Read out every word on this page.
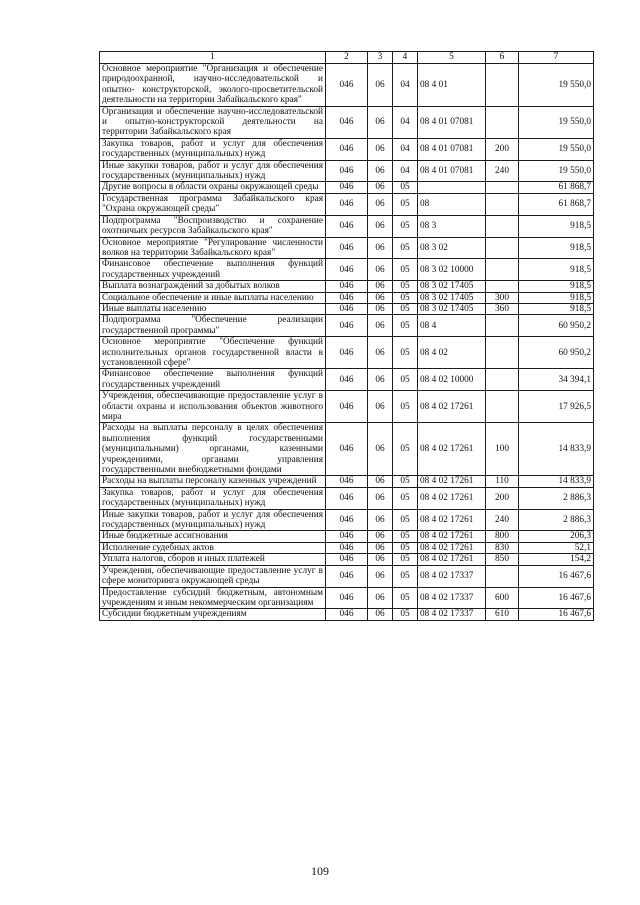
1	2	3	4	5	6	7
Основное мероприятие "Организация и обеспечение природоохранной, научно-исследовательской и опытно- конструкторской, эколого-просветительской деятельности на территории Забайкальского края"	046	06	04	08 4 01		19 550,0
Организация и обеспечение научно-исследовательской и опытно-конструкторской деятельности на территории Забайкальского края	046	06	04	08 4 01 07081		19 550,0
Закупка товаров, работ и услуг для обеспечения государственных (муниципальных) нужд	046	06	04	08 4 01 07081	200	19 550,0
Иные закупки товаров, работ и услуг для обеспечения государственных (муниципальных) нужд	046	06	04	08 4 01 07081	240	19 550,0
Другие вопросы в области охраны окружающей среды	046	06	05			61 868,7
Государственная программа Забайкальского края "Охрана окружающей среды"	046	06	05	08		61 868,7
Подпрограмма "Воспроизводство и сохранение охотничьих ресурсов Забайкальского края"	046	06	05	08 3		918,5
Основное мероприятие "Регулирование численности волков на территории Забайкальского края"	046	06	05	08 3 02		918,5
Финансовое обеспечение выполнения функций государственных учреждений	046	06	05	08 3 02 10000		918,5
Выплата вознаграждений за добытых волков	046	06	05	08 3 02 17405		918,5
Социальное обеспечение и иные выплаты населению	046	06	05	08 3 02 17405	300	918,5
Иные выплаты населению	046	06	05	08 3 02 17405	360	918,5
Подпрограмма "Обеспечение реализации государственной программы"	046	06	05	08 4		60 950,2
Основное мероприятие "Обеспечение функций исполнительных органов государственной власти в установленной сфере"	046	06	05	08 4 02		60 950,2
Финансовое обеспечение выполнения функций государственных учреждений	046	06	05	08 4 02 10000		34 394,1
Учреждения, обеспечивающие предоставление услуг в области охраны и использования объектов животного мира	046	06	05	08 4 02 17261		17 926,5
Расходы на выплаты персоналу в целях обеспечения выполнения функций государственными (муниципальными) органами, казенными учреждениями, органами управления государственными внебюджетными фондами	046	06	05	08 4 02 17261	100	14 833,9
Расходы на выплаты персоналу казенных учреждений	046	06	05	08 4 02 17261	110	14 833,9
Закупка товаров, работ и услуг для обеспечения государственных (муниципальных) нужд	046	06	05	08 4 02 17261	200	2 886,3
Иные закупки товаров, работ и услуг для обеспечения государственных (муниципальных) нужд	046	06	05	08 4 02 17261	240	2 886,3
Иные бюджетные ассигнования	046	06	05	08 4 02 17261	800	206,3
Исполнение судебных актов	046	06	05	08 4 02 17261	830	52,1
Уплата налогов, сборов и иных платежей	046	06	05	08 4 02 17261	850	154,2
Учреждения, обеспечивающие предоставление услуг в сфере мониторинга окружающей среды	046	06	05	08 4 02 17337		16 467,6
Предоставление субсидий бюджетным, автономным учреждениям и иным некоммерческим организациям	046	06	05	08 4 02 17337	600	16 467,6
Субсидии бюджетным учреждениям	046	06	05	08 4 02 17337	610	16 467,6
109
